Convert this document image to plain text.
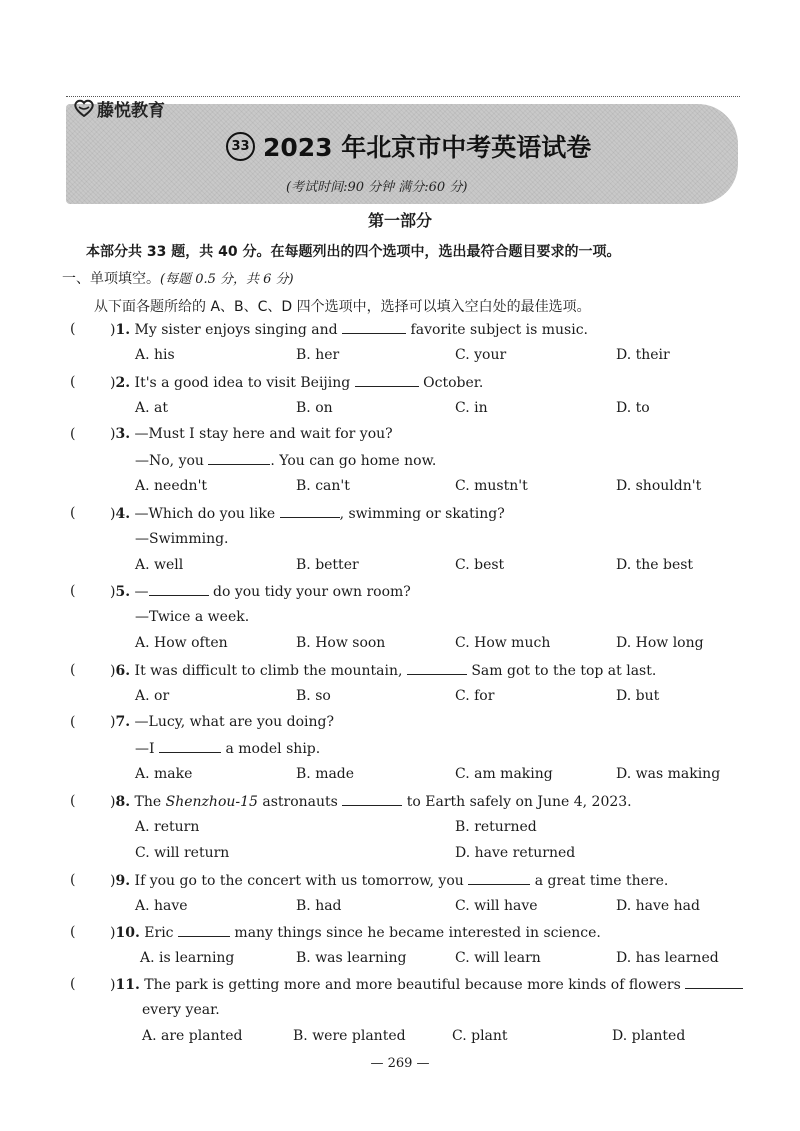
藤悦教育
33 2023 年北京市中考英语试卷
(考试时间:90 分钟 满分:60 分)
第一部分
本部分共 33 题，共 40 分。在每题列出的四个选项中，选出最符合题目要求的一项。
一、单项填空。(每题 0.5 分，共 6 分)
从下面各题所给的 A、B、C、D 四个选项中，选择可以填入空白处的最佳选项。
( )1. My sister enjoys singing and	favorite subject is music.
A. his	B. her	C. your	D. their
( )2. It's a good idea to visit Beijing	October.
A. at	B. on	C. in	D. to
( )3. —Must I stay here and wait for you?
—No, you	. You can go home now.
A. needn't	B. can't	C. mustn't	D. shouldn't
( )4. —Which do you like	, swimming or skating?
—Swimming.
A. well	B. better	C. best	D. the best
( )5. —	do you tidy your own room?
—Twice a week.
A. How often	B. How soon	C. How much	D. How long
( )6. It was difficult to climb the mountain,	Sam got to the top at last.
A. or	B. so	C. for	D. but
( )7. —Lucy, what are you doing?
—I	a model ship.
A. make	B. made	C. am making	D. was making
( )8. The Shenzhou-15 astronauts	to Earth safely on June 4, 2023.
A. return	B. returned
C. will return	D. have returned
( )9. If you go to the concert with us tomorrow, you	a great time there.
A. have	B. had	C. will have	D. have had
( )10. Eric	many things since he became interested in science.
A. is learning	B. was learning	C. will learn	D. has learned
( )11. The park is getting more and more beautiful because more kinds of flowers
every year.
A. are planted	B. were planted	C. plant	D. planted
— 269 —
